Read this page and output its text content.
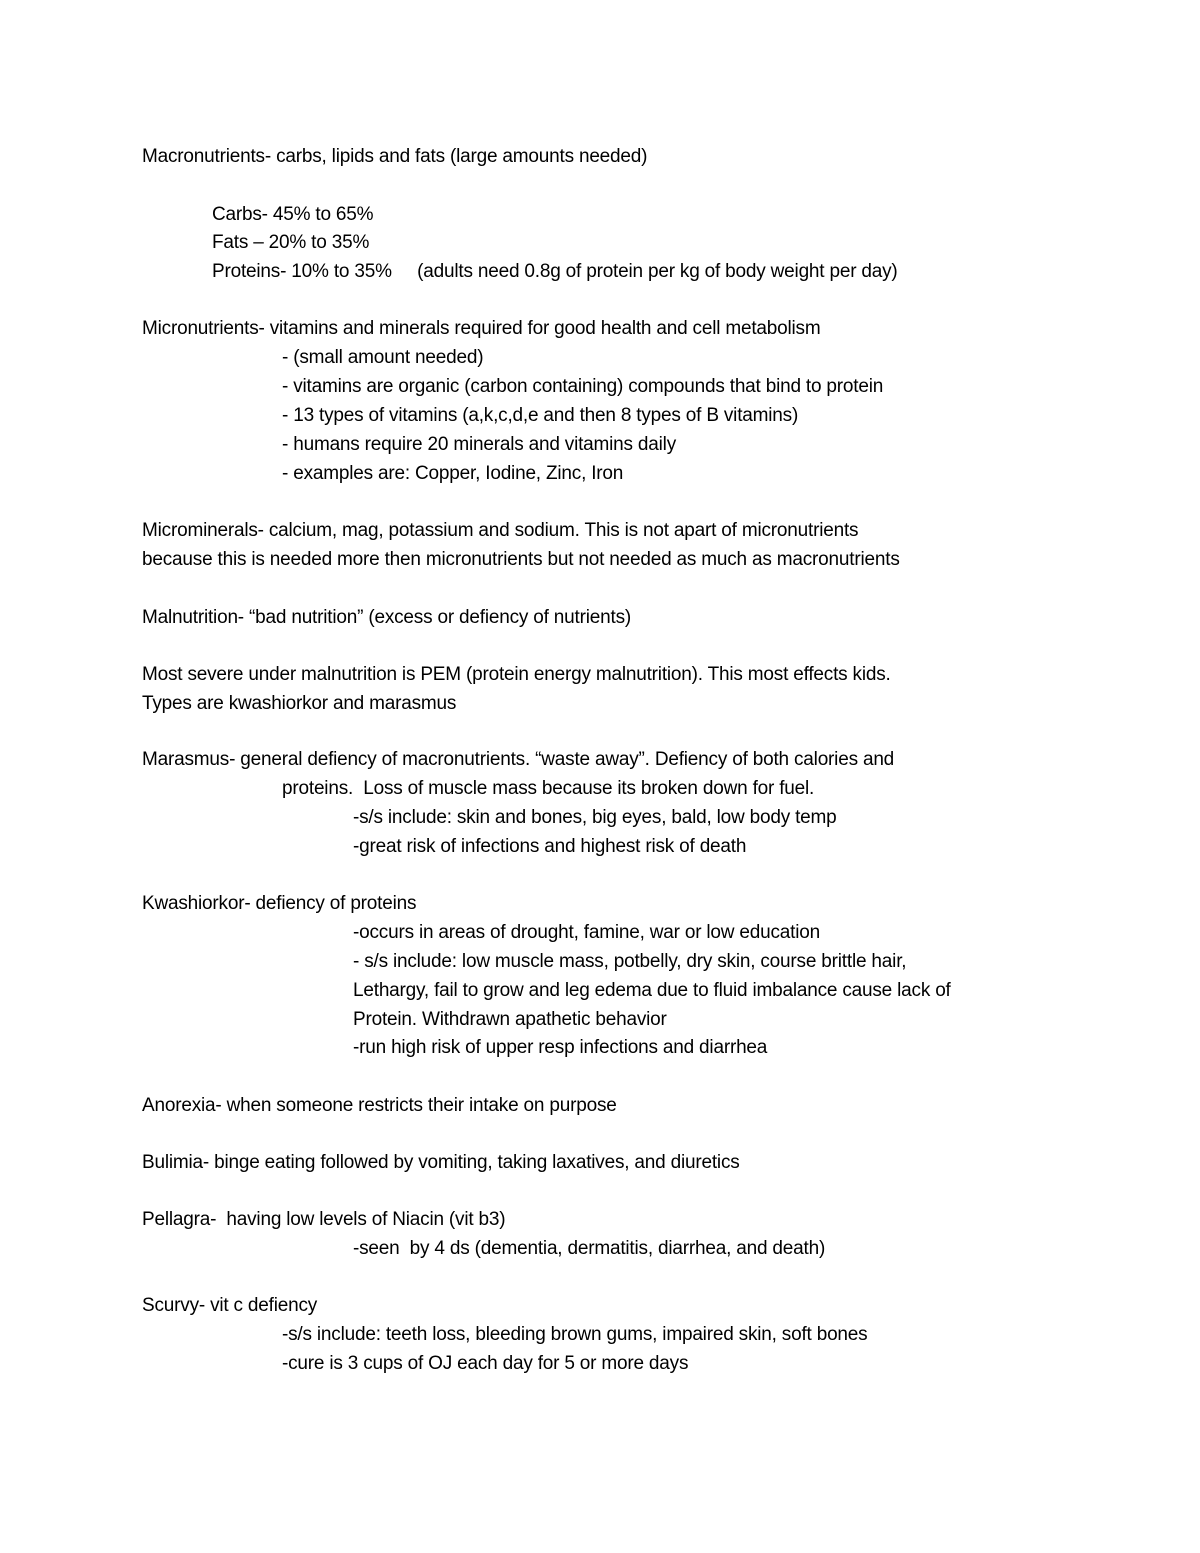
Macronutrients- carbs, lipids and fats (large amounts needed)
Carbs- 45% to 65%
Fats – 20% to 35%
Proteins- 10% to 35%     (adults need 0.8g of protein per kg of body weight per day)
Micronutrients- vitamins and minerals required for good health and cell metabolism
- (small amount needed)
- vitamins are organic (carbon containing) compounds that bind to protein
- 13 types of vitamins (a,k,c,d,e and then 8 types of B vitamins)
- humans require 20 minerals and vitamins daily
- examples are: Copper, Iodine, Zinc, Iron
Microminerals- calcium, mag, potassium and sodium. This is not apart of micronutrients
because this is needed more then micronutrients but not needed as much as macronutrients
Malnutrition- “bad nutrition” (excess or defiency of nutrients)
Most severe under malnutrition is PEM (protein energy malnutrition). This most effects kids.
Types are kwashiorkor and marasmus
Marasmus- general defiency of macronutrients. “waste away”. Defiency of both calories and
proteins.  Loss of muscle mass because its broken down for fuel.
-s/s include: skin and bones, big eyes, bald, low body temp
-great risk of infections and highest risk of death
Kwashiorkor- defiency of proteins
-occurs in areas of drought, famine, war or low education
- s/s include: low muscle mass, potbelly, dry skin, course brittle hair,
Lethargy, fail to grow and leg edema due to fluid imbalance cause lack of
Protein. Withdrawn apathetic behavior
-run high risk of upper resp infections and diarrhea
Anorexia- when someone restricts their intake on purpose
Bulimia- binge eating followed by vomiting, taking laxatives, and diuretics
Pellagra-  having low levels of Niacin (vit b3)
-seen  by 4 ds (dementia, dermatitis, diarrhea, and death)
Scurvy- vit c defiency
-s/s include: teeth loss, bleeding brown gums, impaired skin, soft bones
-cure is 3 cups of OJ each day for 5 or more days
